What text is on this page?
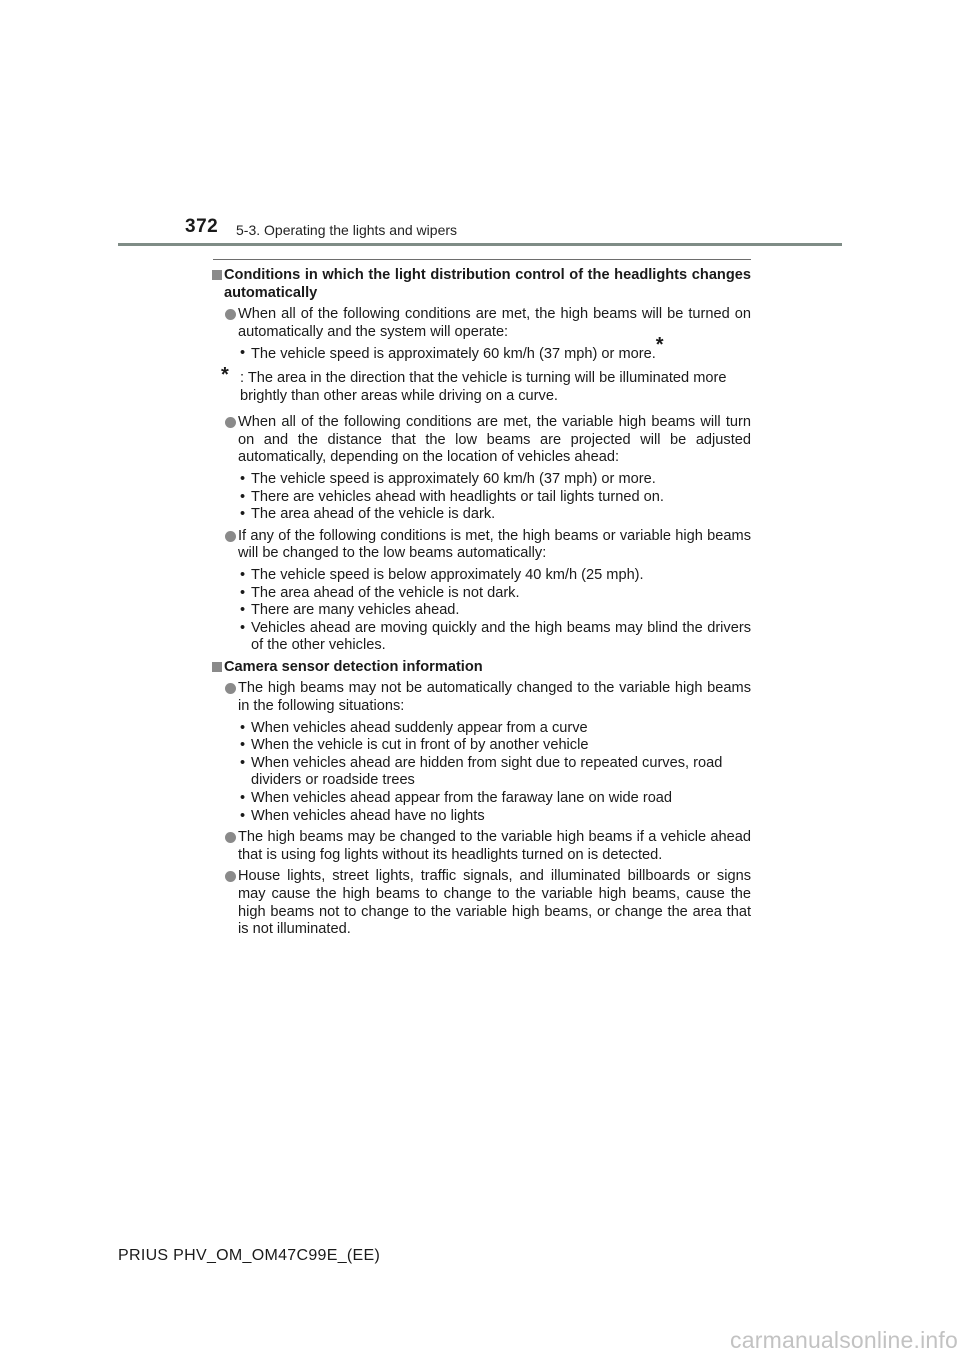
372 5-3. Operating the lights and wipers
Conditions in which the light distribution control of the headlights changes automatically
When all of the following conditions are met, the high beams will be turned on automatically and the system will operate:
• The vehicle speed is approximately 60 km/h (37 mph) or more.*
* : The area in the direction that the vehicle is turning will be illuminated more brightly than other areas while driving on a curve.
When all of the following conditions are met, the variable high beams will turn on and the distance that the low beams are projected will be adjusted automatically, depending on the location of vehicles ahead:
• The vehicle speed is approximately 60 km/h (37 mph) or more.
• There are vehicles ahead with headlights or tail lights turned on.
• The area ahead of the vehicle is dark.
If any of the following conditions is met, the high beams or variable high beams will be changed to the low beams automatically:
• The vehicle speed is below approximately 40 km/h (25 mph).
• The area ahead of the vehicle is not dark.
• There are many vehicles ahead.
• Vehicles ahead are moving quickly and the high beams may blind the drivers of the other vehicles.
Camera sensor detection information
The high beams may not be automatically changed to the variable high beams in the following situations:
• When vehicles ahead suddenly appear from a curve
• When the vehicle is cut in front of by another vehicle
• When vehicles ahead are hidden from sight due to repeated curves, road dividers or roadside trees
• When vehicles ahead appear from the faraway lane on wide road
• When vehicles ahead have no lights
The high beams may be changed to the variable high beams if a vehicle ahead that is using fog lights without its headlights turned on is detected.
House lights, street lights, traffic signals, and illuminated billboards or signs may cause the high beams to change to the variable high beams, cause the high beams not to change to the variable high beams, or change the area that is not illuminated.
PRIUS PHV_OM_OM47C99E_(EE)
carmanualsonline.info
